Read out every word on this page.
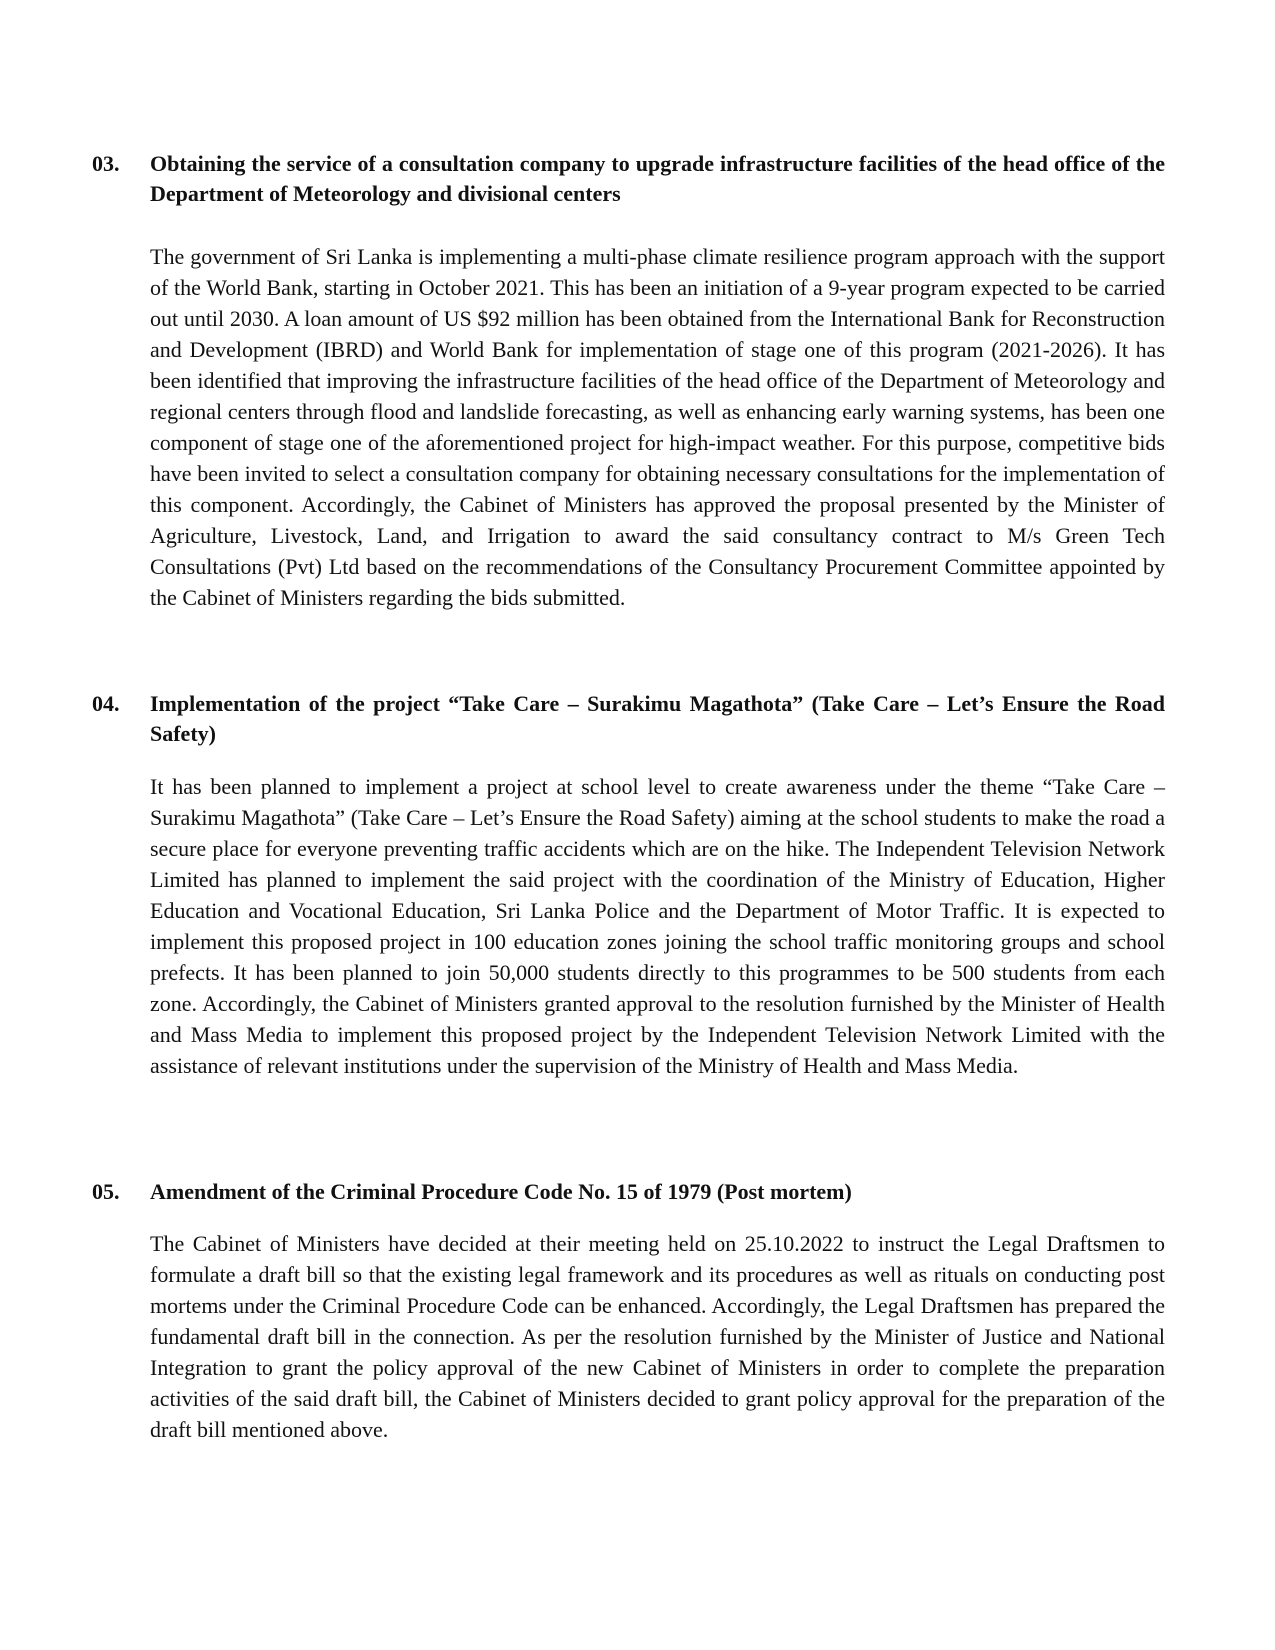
03. Obtaining the service of a consultation company to upgrade infrastructure facilities of the head office of the Department of Meteorology and divisional centers
The government of Sri Lanka is implementing a multi-phase climate resilience program approach with the support of the World Bank, starting in October 2021. This has been an initiation of a 9-year program expected to be carried out until 2030. A loan amount of US $92 million has been obtained from the International Bank for Reconstruction and Development (IBRD) and World Bank for implementation of stage one of this program (2021-2026). It has been identified that improving the infrastructure facilities of the head office of the Department of Meteorology and regional centers through flood and landslide forecasting, as well as enhancing early warning systems, has been one component of stage one of the aforementioned project for high-impact weather. For this purpose, competitive bids have been invited to select a consultation company for obtaining necessary consultations for the implementation of this component. Accordingly, the Cabinet of Ministers has approved the proposal presented by the Minister of Agriculture, Livestock, Land, and Irrigation to award the said consultancy contract to M/s Green Tech Consultations (Pvt) Ltd based on the recommendations of the Consultancy Procurement Committee appointed by the Cabinet of Ministers regarding the bids submitted.
04. Implementation of the project “Take Care – Surakimu Magathota” (Take Care – Let’s Ensure the Road Safety)
It has been planned to implement a project at school level to create awareness under the theme “Take Care – Surakimu Magathota” (Take Care – Let’s Ensure the Road Safety) aiming at the school students to make the road a secure place for everyone preventing traffic accidents which are on the hike. The Independent Television Network Limited has planned to implement the said project with the coordination of the Ministry of Education, Higher Education and Vocational Education, Sri Lanka Police and the Department of Motor Traffic. It is expected to implement this proposed project in 100 education zones joining the school traffic monitoring groups and school prefects. It has been planned to join 50,000 students directly to this programmes to be 500 students from each zone. Accordingly, the Cabinet of Ministers granted approval to the resolution furnished by the Minister of Health and Mass Media to implement this proposed project by the Independent Television Network Limited with the assistance of relevant institutions under the supervision of the Ministry of Health and Mass Media.
05. Amendment of the Criminal Procedure Code No. 15 of 1979 (Post mortem)
The Cabinet of Ministers have decided at their meeting held on 25.10.2022 to instruct the Legal Draftsmen to formulate a draft bill so that the existing legal framework and its procedures as well as rituals on conducting post mortems under the Criminal Procedure Code can be enhanced. Accordingly, the Legal Draftsmen has prepared the fundamental draft bill in the connection. As per the resolution furnished by the Minister of Justice and National Integration to grant the policy approval of the new Cabinet of Ministers in order to complete the preparation activities of the said draft bill, the Cabinet of Ministers decided to grant policy approval for the preparation of the draft bill mentioned above.
